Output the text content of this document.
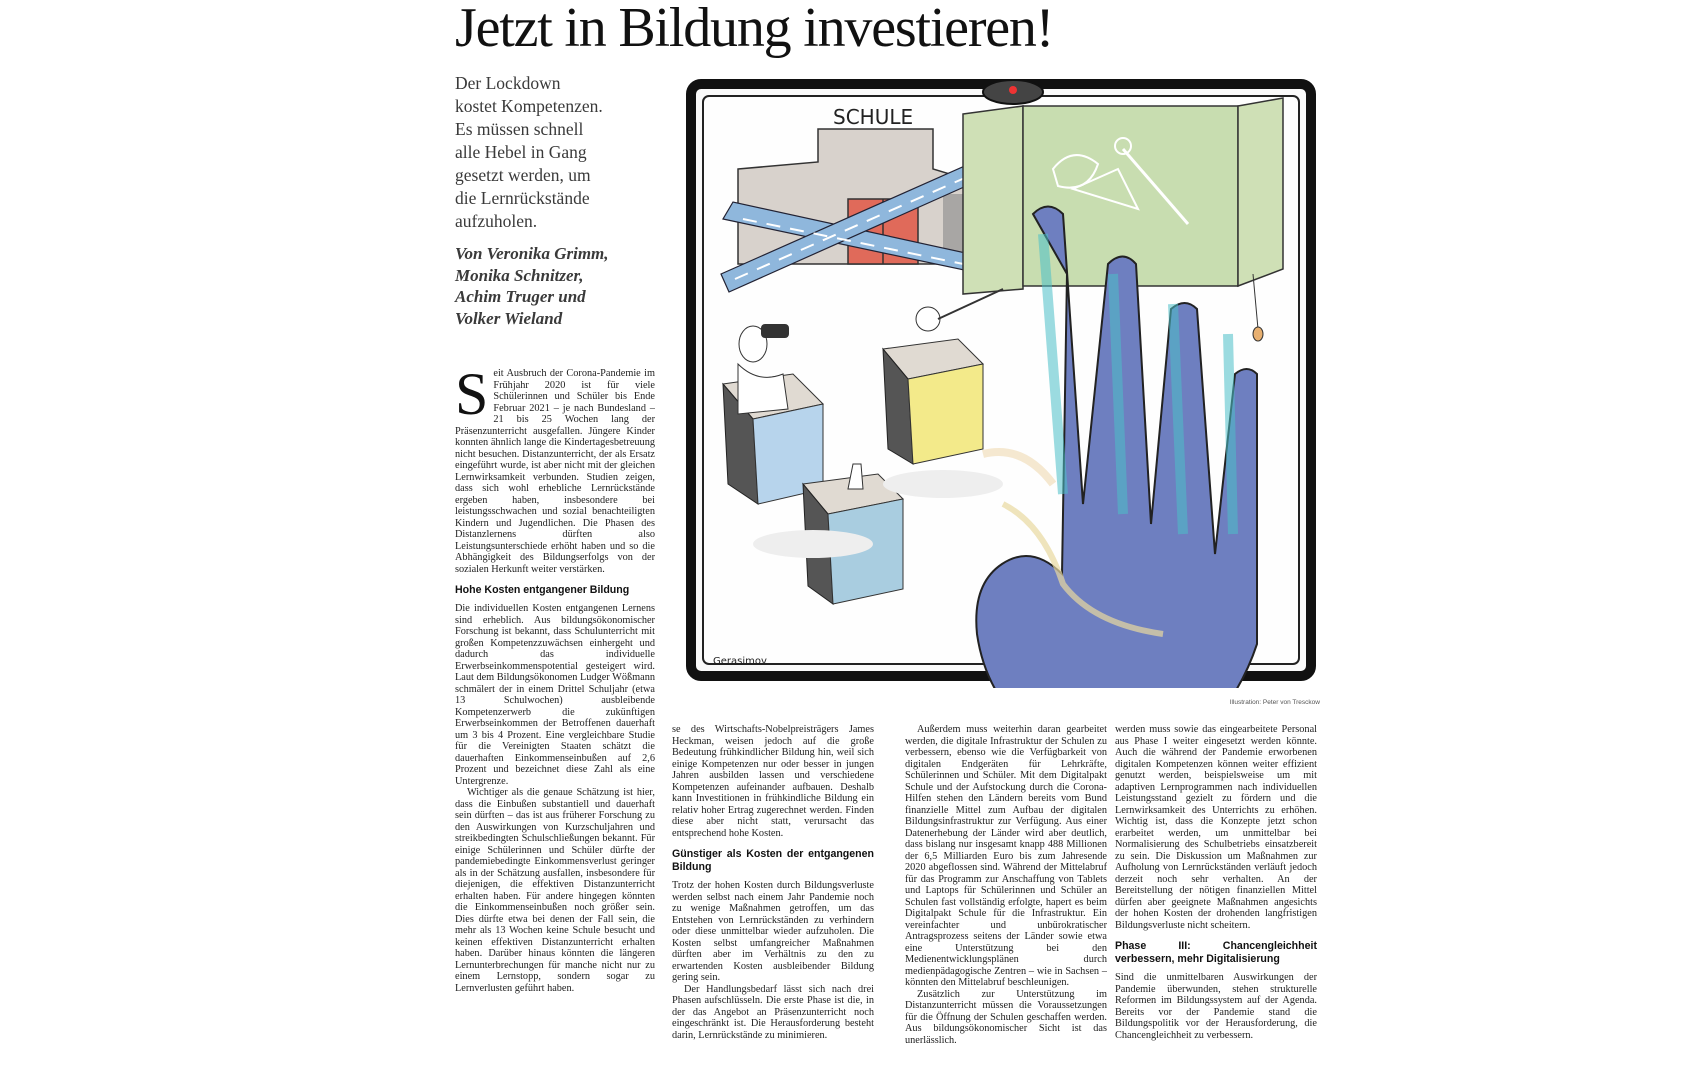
Jetzt in Bildung investieren!
Der Lockdown
kostet Kompetenzen.
Es müssen schnell
alle Hebel in Gang
gesetzt werden, um
die Lernrückstände
aufzuholen.
Von Veronika Grimm,
Monika Schnitzer,
Achim Truger und
Volker Wieland

Seit Ausbruch der Corona-Pandemie im Frühjahr 2020 ist für viele Schülerinnen und Schüler bis Ende Februar 2021 – je nach Bundesland – 21 bis 25 Wochen lang der Präsenzunterricht ausgefallen. Jüngere Kinder konnten ähnlich lange die Kindertagesbetreuung nicht besuchen. Distanzunterricht, der als Ersatz eingeführt wurde, ist aber nicht mit der gleichen Lernwirksamkeit verbunden. Studien zeigen, dass sich wohl erhebliche Lernrückstände ergeben haben, insbesondere bei leistungsschwachen und sozial benachteiligten Kindern und Jugendlichen. Die Phasen des Distanzlernens dürften also Leistungsunterschiede erhöht haben und so die Abhängigkeit des Bildungserfolgs von der sozialen Herkunft weiter verstärken.

Hohe Kosten entgangener Bildung

Die individuellen Kosten entgangenen Lernens sind erheblich. Aus bildungsökonomischer Forschung ist bekannt, dass Schulunterricht mit großen Kompetenzzuwächsen einhergeht und dadurch das individuelle Erwerbseinkommenspotential gesteigert wird. Laut dem Bildungsökonomen Ludger Wößmann schmälert der in einem Drittel Schuljahr (etwa 13 Schulwochen) ausbleibende Kompetenzerwerb die zukünftigen Erwerbseinkommen der Betroffenen dauerhaft um 3 bis 4 Prozent. Eine vergleichbare Studie für die Vereinigten Staaten schätzt die dauerhaften Einkommenseinbußen auf 2,6 Prozent und bezeichnet diese Zahl als eine Untergrenze.

Wichtiger als die genaue Schätzung ist hier, dass die Einbußen substantiell und dauerhaft sein dürften – das ist aus früherer Forschung zu den Auswirkungen von Kurzschuljahren und streikbedingten Schulschließungen bekannt. Für einige Schülerinnen und Schüler dürfte der pandemiebedingte Einkommensverlust geringer als in der Schätzung ausfallen, insbesondere für diejenigen, die effektiven Distanzunterricht erhalten haben. Für andere hingegen könnten die Einkommenseinbußen noch größer sein. Dies dürfte etwa bei denen der Fall sein, die mehr als 13 Wochen keine Schule besucht und keinen effektiven Distanzunterricht erhalten haben. Darüber hinaus könnten die längeren Lernunterbrechungen für manche nicht nur zu einem Lernstopp, sondern sogar zu Lernverlusten geführt haben.

SCHULE
Gerasimov
Illustration: Peter von Tresckow

se des Wirtschafts-Nobelpreisträgers James Heckman, weisen jedoch auf die große Bedeutung frühkindlicher Bildung hin, weil sich einige Kompetenzen nur oder besser in jungen Jahren ausbilden lassen und verschiedene Kompetenzen aufeinander aufbauen. Deshalb kann Investitionen in frühkindliche Bildung ein relativ hoher Ertrag zugerechnet werden. Finden diese aber nicht statt, verursacht das entsprechend hohe Kosten.

Günstiger als Kosten der entgangenen Bildung

Trotz der hohen Kosten durch Bildungsverluste werden selbst nach einem Jahr Pandemie noch zu wenige Maßnahmen getroffen, um das Entstehen von Lernrückständen zu verhindern oder diese unmittelbar wieder aufzuholen. Die Kosten selbst umfangreicher Maßnahmen dürften aber im Verhältnis zu den zu erwartenden Kosten ausbleibender Bildung gering sein.

Der Handlungsbedarf lässt sich nach drei Phasen aufschlüsseln. Die erste Phase ist die, in der das Angebot an Präsenzunterricht noch eingeschränkt ist. Die Herausforderung besteht darin, Lernrückstände zu minimieren.

Außerdem muss weiterhin daran gearbeitet werden, die digitale Infrastruktur der Schulen zu verbessern, ebenso wie die Verfügbarkeit von digitalen Endgeräten für Lehrkräfte, Schülerinnen und Schüler. Mit dem Digitalpakt Schule und der Aufstockung durch die Corona-Hilfen stehen den Ländern bereits vom Bund finanzielle Mittel zum Aufbau der digitalen Bildungsinfrastruktur zur Verfügung. Aus einer Datenerhebung der Länder wird aber deutlich, dass bislang nur insgesamt knapp 488 Millionen der 6,5 Milliarden Euro bis zum Jahresende 2020 abgeflossen sind. Während der Mittelabruf für das Programm zur Anschaffung von Tablets und Laptops für Schülerinnen und Schüler an Schulen fast vollständig erfolgte, hapert es beim Digitalpakt Schule für die Infrastruktur. Ein vereinfachter und unbürokratischer Antragsprozess seitens der Länder sowie etwa eine Unterstützung bei den Medienentwicklungsplänen durch medienpädagogische Zentren – wie in Sachsen – könnten den Mittelabruf beschleunigen.

Zusätzlich zur Unterstützung im Distanzunterricht müssen die Voraussetzungen für die Öffnung der Schulen geschaffen werden. Aus bildungsökonomischer Sicht ist das unerlässlich.

werden muss sowie das eingearbeitete Personal aus Phase I weiter eingesetzt werden könnte. Auch die während der Pandemie erworbenen digitalen Kompetenzen können weiter effizient genutzt werden, beispielsweise um mit adaptiven Lernprogrammen nach individuellen Leistungsstand gezielt zu fördern und die Lernwirksamkeit des Unterrichts zu erhöhen. Wichtig ist, dass die Konzepte jetzt schon erarbeitet werden, um unmittelbar bei Normalisierung des Schulbetriebs einsatzbereit zu sein. Die Diskussion um Maßnahmen zur Aufholung von Lernrückständen verläuft jedoch derzeit noch sehr verhalten. An der Bereitstellung der nötigen finanziellen Mittel dürfen aber geeignete Maßnahmen angesichts der hohen Kosten der drohenden langfristigen Bildungsverluste nicht scheitern.

Phase III: Chancengleichheit verbessern, mehr Digitalisierung

Sind die unmittelbaren Auswirkungen der Pandemie überwunden, stehen strukturelle Reformen im Bildungssystem auf der Agenda. Bereits vor der Pandemie stand die Bildungspolitik vor der Herausforderung, die Chancengleichheit zu verbessern.
